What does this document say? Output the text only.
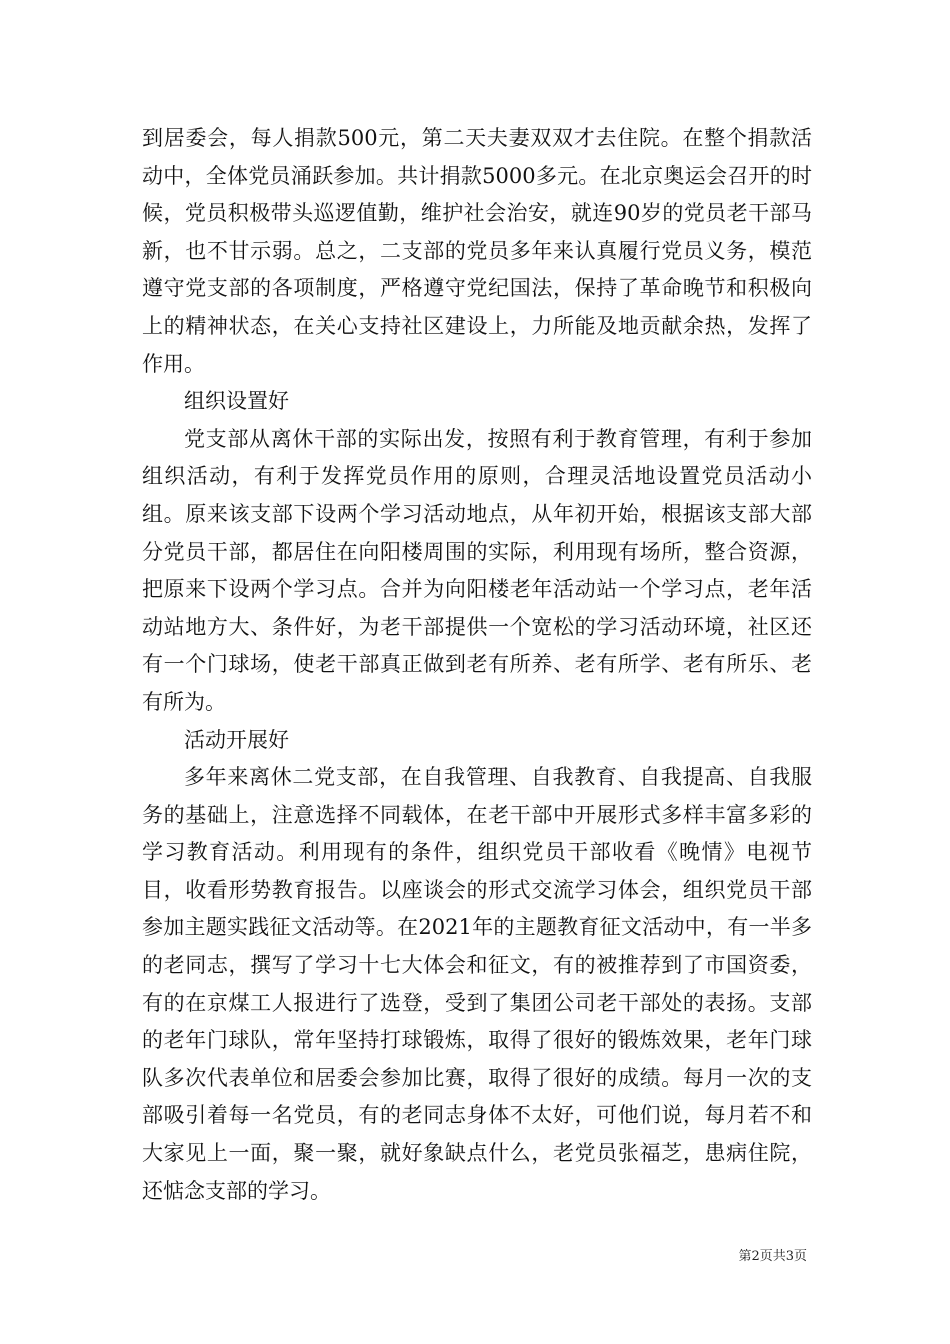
到居委会，每人捐款500元，第二天夫妻双双才去住院。在整个捐款活动中，全体党员涌跃参加。共计捐款5000多元。在北京奥运会召开的时候，党员积极带头巡逻值勤，维护社会治安，就连90岁的党员老干部马新，也不甘示弱。总之，二支部的党员多年来认真履行党员义务，模范遵守党支部的各项制度，严格遵守党纪国法，保持了革命晚节和积极向上的精神状态，在关心支持社区建设上，力所能及地贡献余热，发挥了作用。

组织设置好

党支部从离休干部的实际出发，按照有利于教育管理，有利于参加组织活动，有利于发挥党员作用的原则，合理灵活地设置党员活动小组。原来该支部下设两个学习活动地点，从年初开始，根据该支部大部分党员干部，都居住在向阳楼周围的实际，利用现有场所，整合资源，把原来下设两个学习点。合并为向阳楼老年活动站一个学习点，老年活动站地方大、条件好，为老干部提供一个宽松的学习活动环境，社区还有一个门球场，使老干部真正做到老有所养、老有所学、老有所乐、老有所为。

活动开展好

多年来离休二党支部，在自我管理、自我教育、自我提高、自我服务的基础上，注意选择不同载体，在老干部中开展形式多样丰富多彩的学习教育活动。利用现有的条件，组织党员干部收看《晚情》电视节目，收看形势教育报告。以座谈会的形式交流学习体会，组织党员干部参加主题实践征文活动等。在2021年的主题教育征文活动中，有一半多的老同志，撰写了学习十七大体会和征文，有的被推荐到了市国资委，有的在京煤工人报进行了选登，受到了集团公司老干部处的表扬。支部的老年门球队，常年坚持打球锻炼，取得了很好的锻炼效果，老年门球队多次代表单位和居委会参加比赛，取得了很好的成绩。每月一次的支部吸引着每一名党员，有的老同志身体不太好，可他们说，每月若不和大家见上一面，聚一聚，就好象缺点什么，老党员张福芝，患病住院，还惦念支部的学习。

第2页共3页
